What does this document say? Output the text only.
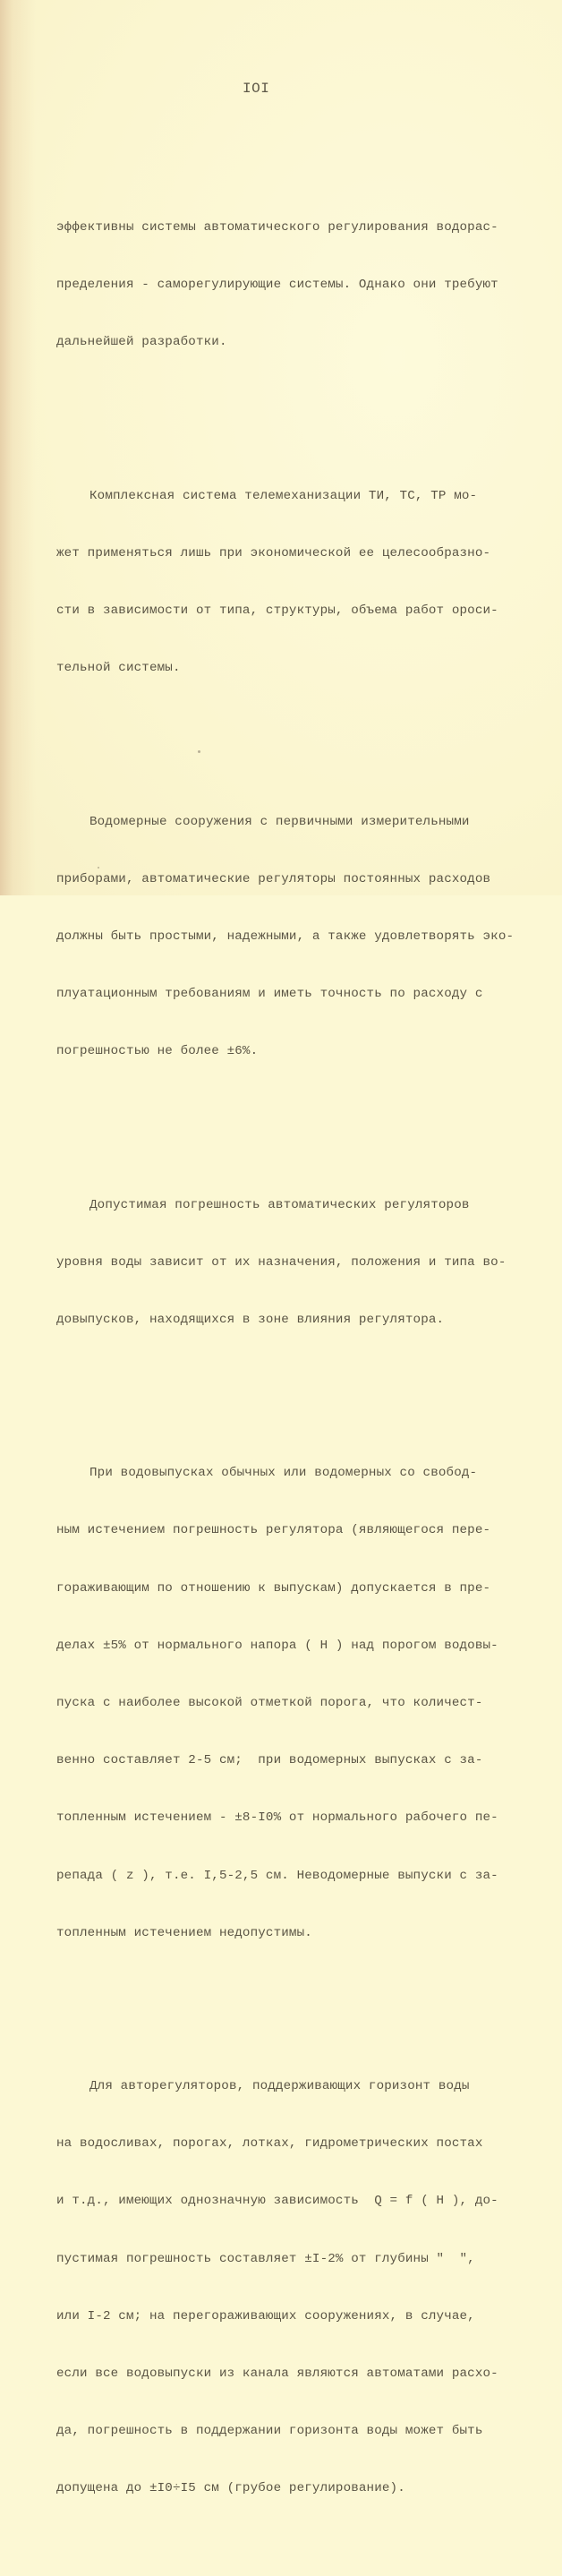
IOI

эффективны системы автоматического регулирования водорас-

пределения - саморегулирующие системы. Однако они требуют

дальнейшей разработки.

Комплексная система телемеханизации ТИ, ТС, ТР мо-

жет применяться лишь при экономической ее целесообразно-

сти в зависимости от типа, структуры, объема работ ороси-

тельной системы.

Водомерные сооружения с первичными измерительными

приборами, автоматические регуляторы постоянных расходов

должны быть простыми, надежными, а также удовлетворять эко-

плуатационным требованиям и иметь точность по расходу с

погрешностью не более ±6%.

Допустимая погрешность автоматических регуляторов

уровня воды зависит от их назначения, положения и типа во-

довыпусков, находящихся в зоне влияния регулятора.

При водовыпусках обычных или водомерных со свобод-

ным истечением погрешность регулятора (являющегося пере-

гораживающим по отношению к выпускам) допускается в пре-

делах ±5% от нормального напора ( H ) над порогом водовы-

пуска с наиболее высокой отметкой порога, что количест-

венно составляет 2-5 см;  при водомерных выпусках с за-

топленным истечением - ±8-I0% от нормального рабочего пе-

репада ( z ), т.е. I,5-2,5 см. Неводомерные выпуски с за-

топленным истечением недопустимы.

Для авторегуляторов, поддерживающих горизонт воды

на водосливах, порогах, лотках, гидрометрических постах

и т.д., имеющих однозначную зависимость  Q = f ( H ), до-

пустимая погрешность составляет ±I-2% от глубины "  ",

или I-2 см; на перегораживающих сооружениях, в случае,

если все водовыпуски из канала являются автоматами расхо-

да, погрешность в поддержании горизонта воды может быть

допущена до ±I0÷I5 см (грубое регулирование).
